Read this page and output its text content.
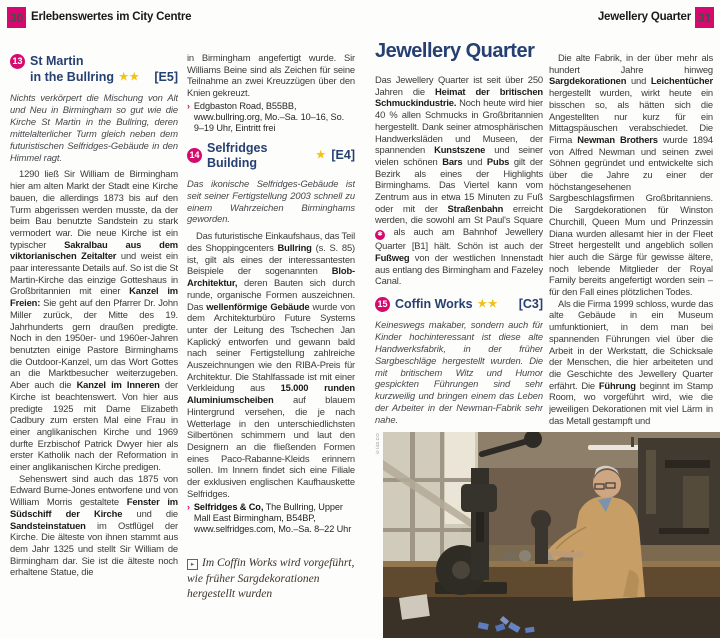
30 Erlebenswertes im City Centre	Jewellery Quarter 31
13 St Martin
in the Bullring ★★ [E5]

Nichts verkörpert die Mischung von Alt und Neu in Birmingham so gut wie die Kirche St Martin in the Bullring, deren mittelalterlicher Turm gleich neben dem futuristischen Selfridges-Gebäude in den Himmel ragt.

1290 ließ Sir William de Birmingham hier am alten Markt der Stadt eine Kirche bauen, die allerdings 1873 bis auf den Turm abgerissen werden musste, da der beim Bau benutzte Sandstein zu stark vermodert war. Die neue Kirche ist ein typischer Sakralbau aus dem viktorianischen Zeitalter und weist ein paar interessante Details auf. So ist die St Martin-Kirche das einzige Gotteshaus in Großbritannien mit einer Kanzel im Freien: Sie geht auf den Pfarrer Dr. John Miller zurück, der Mitte des 19. Jahrhunderts gern draußen predigte. Noch in den 1950er- und 1960er-Jahren benutzten einige Pastore Birminghams die Outdoor-Kanzel, um das Wort Gottes an die Marktbesucher weiterzugeben. Aber auch die Kanzel im Inneren der Kirche ist beachtenswert. Von hier aus predigte 1925 mit Dame Elizabeth Cadbury zum ersten Mal eine Frau in einer anglikanischen Kirche und 1969 durfte Erzbischof Patrick Dwyer hier als erster Katholik nach der Reformation in einer anglikanischen Kirche predigen.

Sehenswert sind auch das 1875 von Edward Burne-Jones entworfene und von William Morris gestaltete Fenster im Südschiff der Kirche und die Sandsteinstatuen im Ostflügel der Kirche. Die älteste von ihnen stammt aus dem Jahr 1325 und stellt Sir William de Birmingham dar. Sie ist die älteste noch erhaltene Statue, die

in Birmingham angefertigt wurde. Sir Williams Beine sind als Zeichen für seine Teilnahme an zwei Kreuzzügen über den Knien gekreuzt.

› Edgbaston Road, B55BB, www.bullring.org, Mo.–Sa. 10–16, So. 9–19 Uhr, Eintritt frei
14
Selfridges Building
★ [E4]

Das ikonische Selfridges-Gebäude ist seit seiner Fertigstellung 2003 schnell zu einem Wahrzeichen Birminghams geworden.

Das futuristische Einkaufshaus, das Teil des Shoppingcenters Bullring (s. S. 85) ist, gilt als eines der interessantesten Beispiele der sogenannten Blob-Architektur, deren Bauten sich durch runde, organische Formen auszeichnen. Das wellenförmige Gebäude wurde von dem Architekturbüro Future Systems unter der Leitung des Tschechen Jan Kaplický entworfen und gewann bald nach seiner Fertigstellung zahlreiche Auszeichnungen wie den RIBA-Preis für Architektur. Die Stahlfassade ist mit einer Verkleidung aus 15.000 runden Aluminiumscheiben auf blauem Hintergrund versehen, die je nach Wetterlage in den unterschiedlichsten Silbertönen schimmern und laut den Designern an die fließenden Formen eines Paco-Rabanne-Kleids erinnern sollen. Im Innern findet sich eine Filiale der exklusiven englischen Kaufhauskette Selfridges.

› Selfridges & Co, The Bullring, Upper Mall East Birmingham, B54BP, www.selfridges.com, Mo.–Sa. 8–22 Uhr
Jewellery Quarter

Das Jewellery Quarter ist seit über 250 Jahren die Heimat der britischen Schmuckindustrie. Noch heute wird hier 40 % allen Schmucks in Großbritannien hergestellt. Dank seiner atmosphärischen Handwerksläden und Museen, der spannenden Kunstszene und seiner vielen schönen Bars und Pubs gilt der Bezirk als eines der Highlights Birminghams. Das Viertel kann vom Zentrum aus in etwa 15 Minuten zu Fuß oder mit der Straßenbahn erreicht werden, die sowohl am St Paul's Square ✱ als auch am Bahnhof Jewellery Quarter [B1] hält. Schön ist auch der Fußweg von der westlichen Innenstadt aus entlang des Birmingham and Fazeley Canal.

15 Coffin Works ★★ [C3]

Keineswegs makaber, sondern auch für Kinder hochinteressant ist diese alte Handwerksfabrik, in der früher Sargbeschläge hergestellt wurden. Die mit britischem Witz und Humor gespickten Führungen sind sehr kurzweilig und bringen einem das Leben der Arbeiter in der Newman-Fabrik sehr nahe.

Die alte Fabrik, in der über mehr als hundert Jahre hinweg Sargdekorationen und Leichentücher hergestellt wurden, wirkt heute ein bisschen so, als hätten sich die Angestellten nur kurz für ein Mittagspäuschen verabschiedet. Die Firma Newman Brothers wurde 1894 von Alfred Newman und seinen zwei Söhnen gegründet und entwickelte sich über die Jahre zu einer der höchstangesehenen Sargbeschlagsfirmen Großbritanniens. Die Sargdekorationen für Winston Churchill, Queen Mum und Prinzessin Diana wurden allesamt hier in der Fleet Street hergestellt und angeblich sollen hier auch die Särge für gewisse ältere, noch lebende Mitglieder der Royal Family bereits angefertigt worden sein – für den Fall eines plötzlichen Todes.

Als die Firma 1999 schloss, wurde das alte Gebäude in ein Museum umfunktioniert, in dem man bei spannenden Führungen viel über die Arbeit in der Werkstatt, die Schicksale der Menschen, die hier arbeiteten und die Geschichte des Jewellery Quarter erfährt. Die Führung beginnt im Stamp Room, wo vorgeführt wird, wie die jeweiligen Dekorationen mit viel Lärm in das Metall gestampft und

▸ Im Coffin Works wird vorgeführt, wie früher Sargdekorationen hergestellt wurden
©/43.CO
